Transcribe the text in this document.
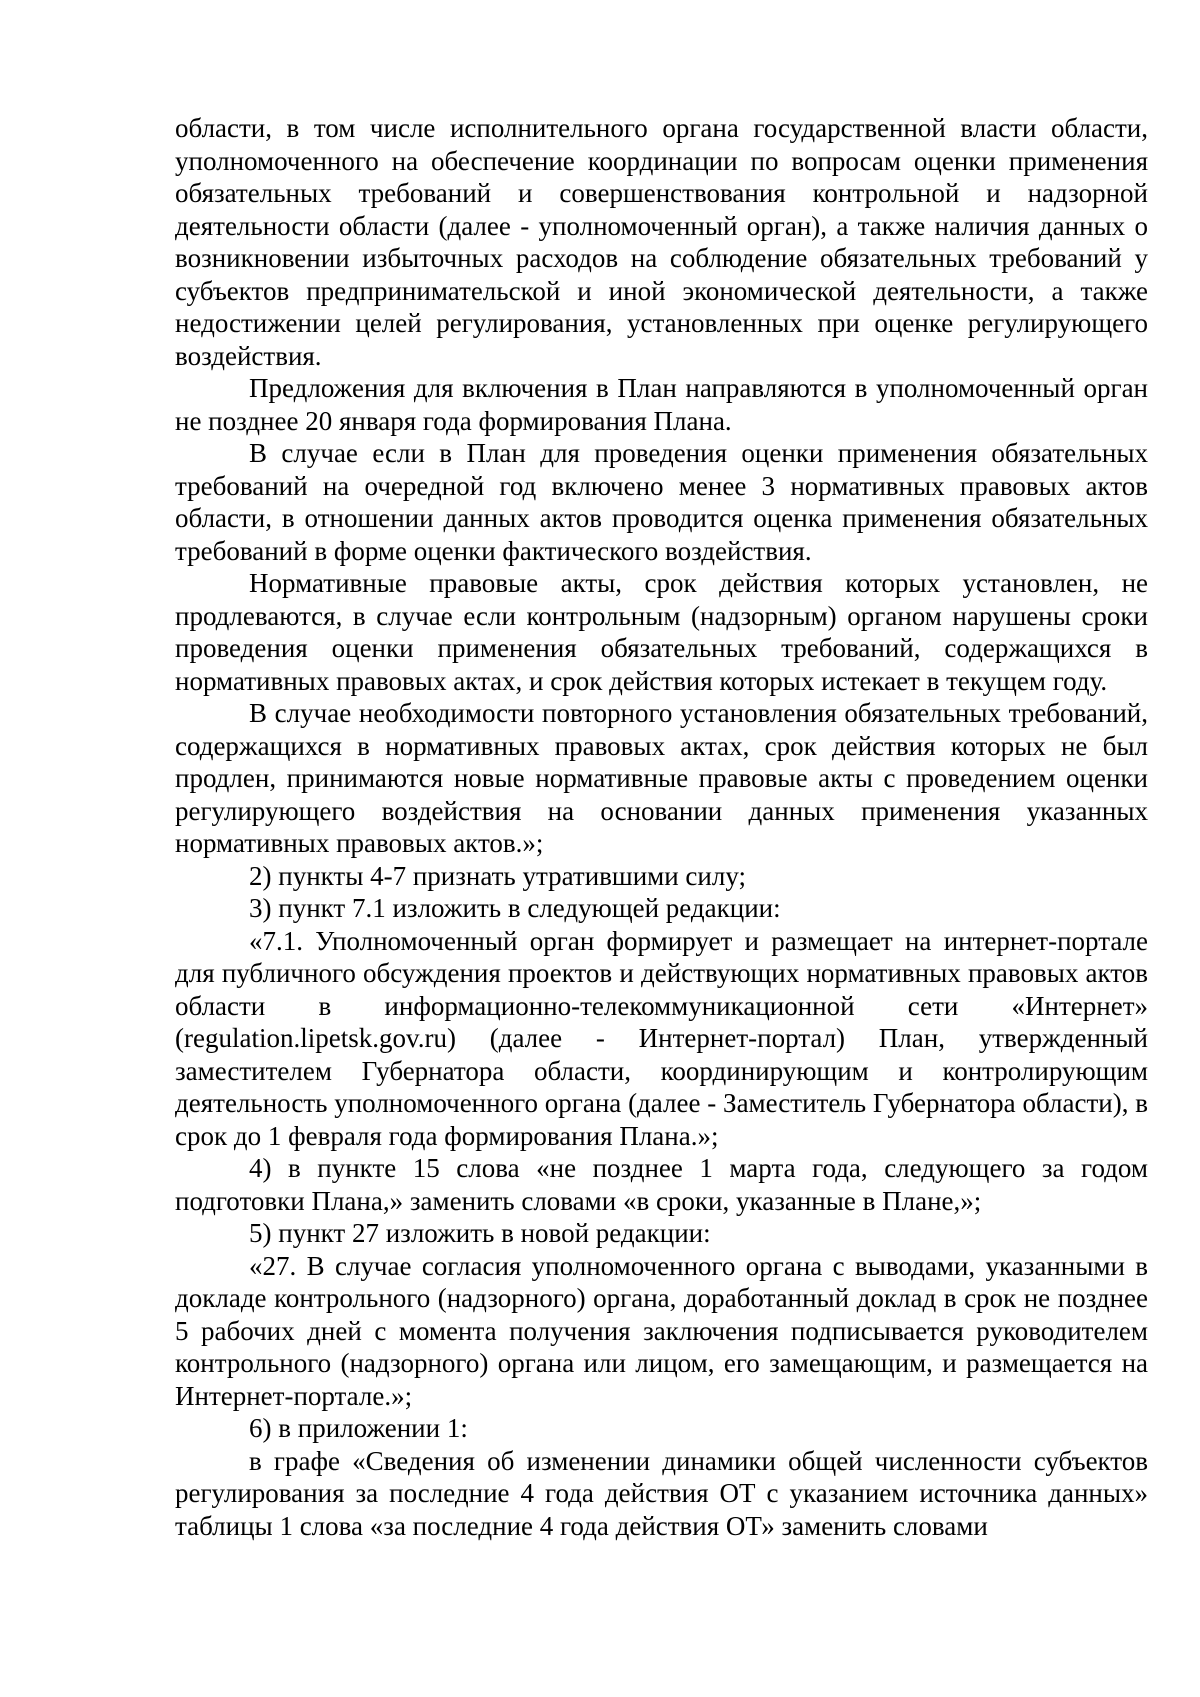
области, в том числе исполнительного органа государственной власти области, уполномоченного на обеспечение координации по вопросам оценки применения обязательных требований и совершенствования контрольной и надзорной деятельности области (далее - уполномоченный орган), а также наличия данных о возникновении избыточных расходов на соблюдение обязательных требований у субъектов предпринимательской и иной экономической деятельности, а также недостижении целей регулирования, установленных при оценке регулирующего воздействия.

Предложения для включения в План направляются в уполномоченный орган не позднее 20 января года формирования Плана.

В случае если в План для проведения оценки применения обязательных требований на очередной год включено менее 3 нормативных правовых актов области, в отношении данных актов проводится оценка применения обязательных требований в форме оценки фактического воздействия.

Нормативные правовые акты, срок действия которых установлен, не продлеваются, в случае если контрольным (надзорным) органом нарушены сроки проведения оценки применения обязательных требований, содержащихся в нормативных правовых актах, и срок действия которых истекает в текущем году.

В случае необходимости повторного установления обязательных требований, содержащихся в нормативных правовых актах, срок действия которых не был продлен, принимаются новые нормативные правовые акты с проведением оценки регулирующего воздействия на основании данных применения указанных нормативных правовых актов.»;

2) пункты 4-7 признать утратившими силу;

3) пункт 7.1 изложить в следующей редакции:

«7.1. Уполномоченный орган формирует и размещает на интернет-портале для публичного обсуждения проектов и действующих нормативных правовых актов области в информационно-телекоммуникационной сети «Интернет» (regulation.lipetsk.gov.ru) (далее - Интернет-портал) План, утвержденный заместителем Губернатора области, координирующим и контролирующим деятельность уполномоченного органа (далее - Заместитель Губернатора области), в срок до 1 февраля года формирования Плана.»;

4) в пункте 15 слова «не позднее 1 марта года, следующего за годом подготовки Плана,» заменить словами «в сроки, указанные в Плане,»;

5) пункт 27 изложить в новой редакции:

«27. В случае согласия уполномоченного органа с выводами, указанными в докладе контрольного (надзорного) органа, доработанный доклад в срок не позднее 5 рабочих дней с момента получения заключения подписывается руководителем контрольного (надзорного) органа или лицом, его замещающим, и размещается на Интернет-портале.»;

6) в приложении 1:

в графе «Сведения об изменении динамики общей численности субъектов регулирования за последние 4 года действия ОТ с указанием источника данных» таблицы 1 слова «за последние 4 года действия ОТ» заменить словами
